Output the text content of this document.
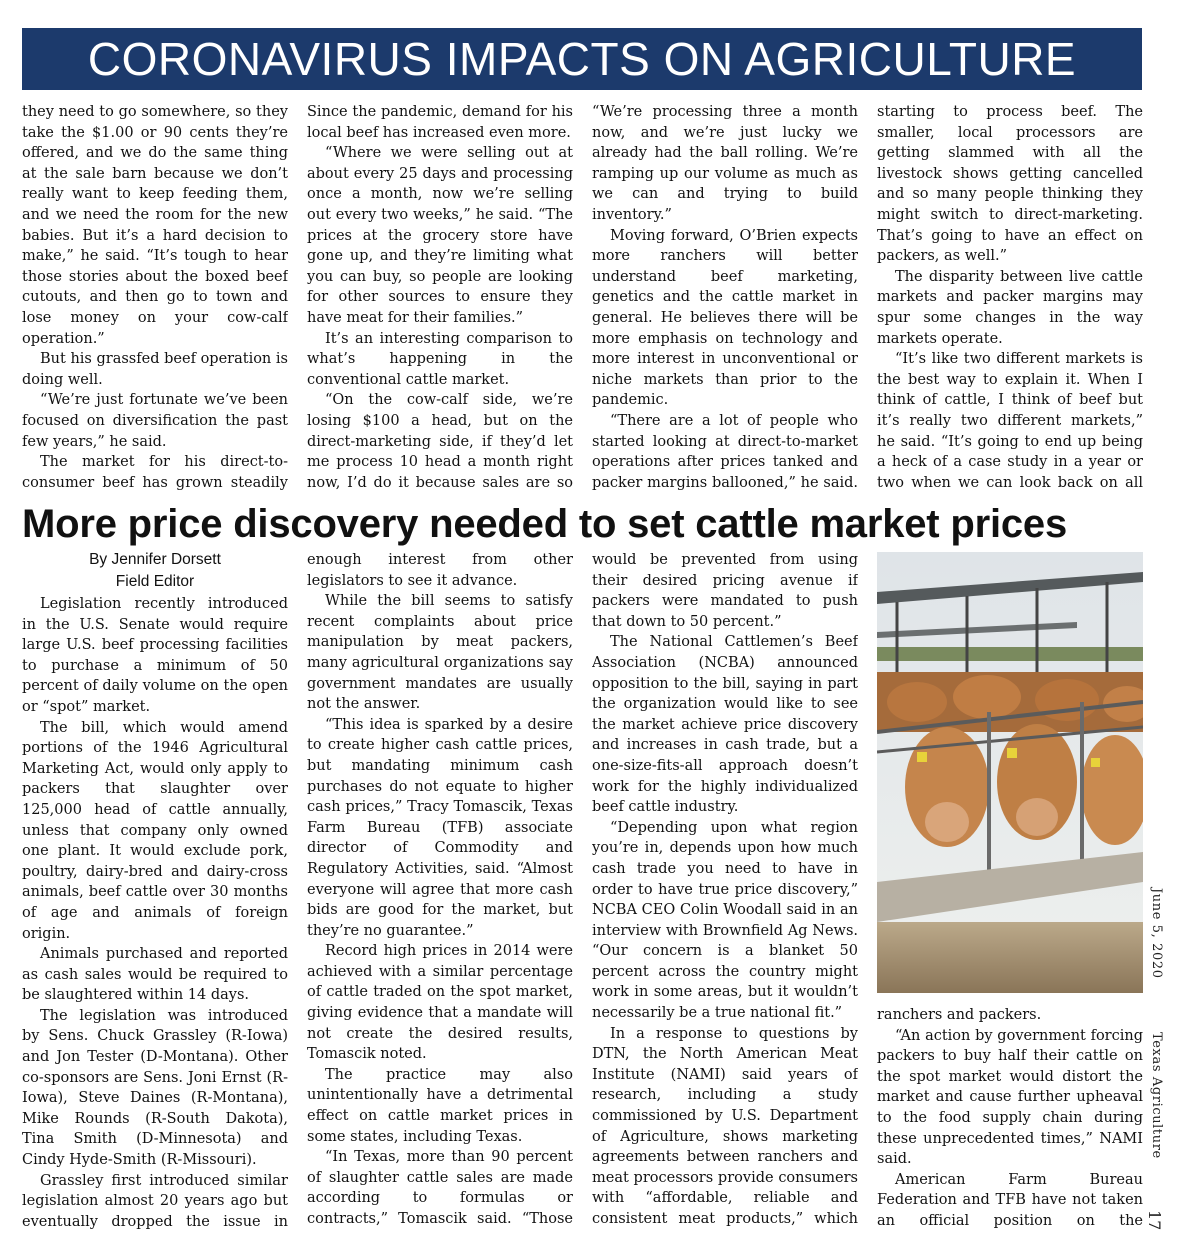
CORONAVIRUS IMPACTS ON AGRICULTURE

they need to go somewhere, so they take the $1.00 or 90 cents they’re offered, and we do the same thing at the sale barn because we don’t really want to keep feeding them, and we need the room for the new babies. But it’s a hard decision to make,” he said. “It’s tough to hear those stories about the boxed beef cutouts, and then go to town and lose money on your cow-calf operation.”

But his grassfed beef operation is doing well.

“We’re just fortunate we’ve been focused on diversification the past few years,” he said.

The market for his direct-to-consumer beef has grown steadily

Since the pandemic, demand for his local beef has increased even more.

“Where we were selling out at about every 25 days and processing once a month, now we’re selling out every two weeks,” he said. “The prices at the grocery store have gone up, and they’re limiting what you can buy, so people are looking for other sources to ensure they have meat for their families.”

It’s an interesting comparison to what’s happening in the conventional cattle market.

“On the cow-calf side, we’re losing $100 a head, but on the direct-marketing side, if they’d let me process 10 head a month right now, I’d do it because sales are so

“We’re processing three a month now, and we’re just lucky we already had the ball rolling. We’re ramping up our volume as much as we can and trying to build inventory.”

Moving forward, O’Brien expects more ranchers will better understand beef marketing, genetics and the cattle market in general. He believes there will be more emphasis on technology and more interest in unconventional or niche markets than prior to the pandemic.

“There are a lot of people who started looking at direct-to-market operations after prices tanked and packer margins ballooned,” he said.

starting to process beef. The smaller, local processors are getting slammed with all the livestock shows getting cancelled and so many people thinking they might switch to direct-marketing. That’s going to have an effect on packers, as well.”

The disparity between live cattle markets and packer margins may spur some changes in the way markets operate.

“It’s like two different markets is the best way to explain it. When I think of cattle, I think of beef but it’s really two different markets,” he said. “It’s going to end up being a heck of a case study in a year or two when we can look back on all

More price discovery needed to set cattle market prices
By Jennifer Dorsett
Field Editor

Legislation recently introduced in the U.S. Senate would require large U.S. beef processing facilities to purchase a minimum of 50 percent of daily volume on the open or “spot” market.

The bill, which would amend portions of the 1946 Agricultural Marketing Act, would only apply to packers that slaughter over 125,000 head of cattle annually, unless that company only owned one plant. It would exclude pork, poultry, dairy-bred and dairy-cross animals, beef cattle over 30 months of age and animals of foreign origin.

Animals purchased and reported as cash sales would be required to be slaughtered within 14 days.

The legislation was introduced by Sens. Chuck Grassley (R-Iowa) and Jon Tester (D-Montana). Other co-sponsors are Sens. Joni Ernst (R-Iowa), Steve Daines (R-Montana), Mike Rounds (R-South Dakota), Tina Smith (D-Minnesota) and Cindy Hyde-Smith (R-Missouri).

Grassley first introduced similar legislation almost 20 years ago but eventually dropped the issue in

enough interest from other legislators to see it advance.

While the bill seems to satisfy recent complaints about price manipulation by meat packers, many agricultural organizations say government mandates are usually not the answer.

“This idea is sparked by a desire to create higher cash cattle prices, but mandating minimum cash purchases do not equate to higher cash prices,” Tracy Tomascik, Texas Farm Bureau (TFB) associate director of Commodity and Regulatory Activities, said. “Almost everyone will agree that more cash bids are good for the market, but they’re no guarantee.”

Record high prices in 2014 were achieved with a similar percentage of cattle traded on the spot market, giving evidence that a mandate will not create the desired results, Tomascik noted.

The practice may also unintentionally have a detrimental effect on cattle market prices in some states, including Texas.

“In Texas, more than 90 percent of slaughter cattle sales are made according to formulas or contracts,” Tomascik said. “Those

would be prevented from using their desired pricing avenue if packers were mandated to push that down to 50 percent.”

The National Cattlemen’s Beef Association (NCBA) announced opposition to the bill, saying in part the organization would like to see the market achieve price discovery and increases in cash trade, but a one-size-fits-all approach doesn’t work for the highly individualized beef cattle industry.

“Depending upon what region you’re in, depends upon how much cash trade you need to have in order to have true price discovery,” NCBA CEO Colin Woodall said in an interview with Brownfield Ag News. “Our concern is a blanket 50 percent across the country might work in some areas, but it wouldn’t necessarily be a true national fit.”

In a response to questions by DTN, the North American Meat Institute (NAMI) said years of research, including a study commissioned by U.S. Department of Agriculture, shows marketing agreements between ranchers and meat processors provide consumers with “affordable, reliable and consistent meat products,” which

ranchers and packers.

“An action by government forcing packers to buy half their cattle on the spot market would distort the market and cause further upheaval to the food supply chain during these unprecedented times,” NAMI said.

American Farm Bureau Federation and TFB have not taken an official position on the

June 5, 2020
Texas Agriculture
17
